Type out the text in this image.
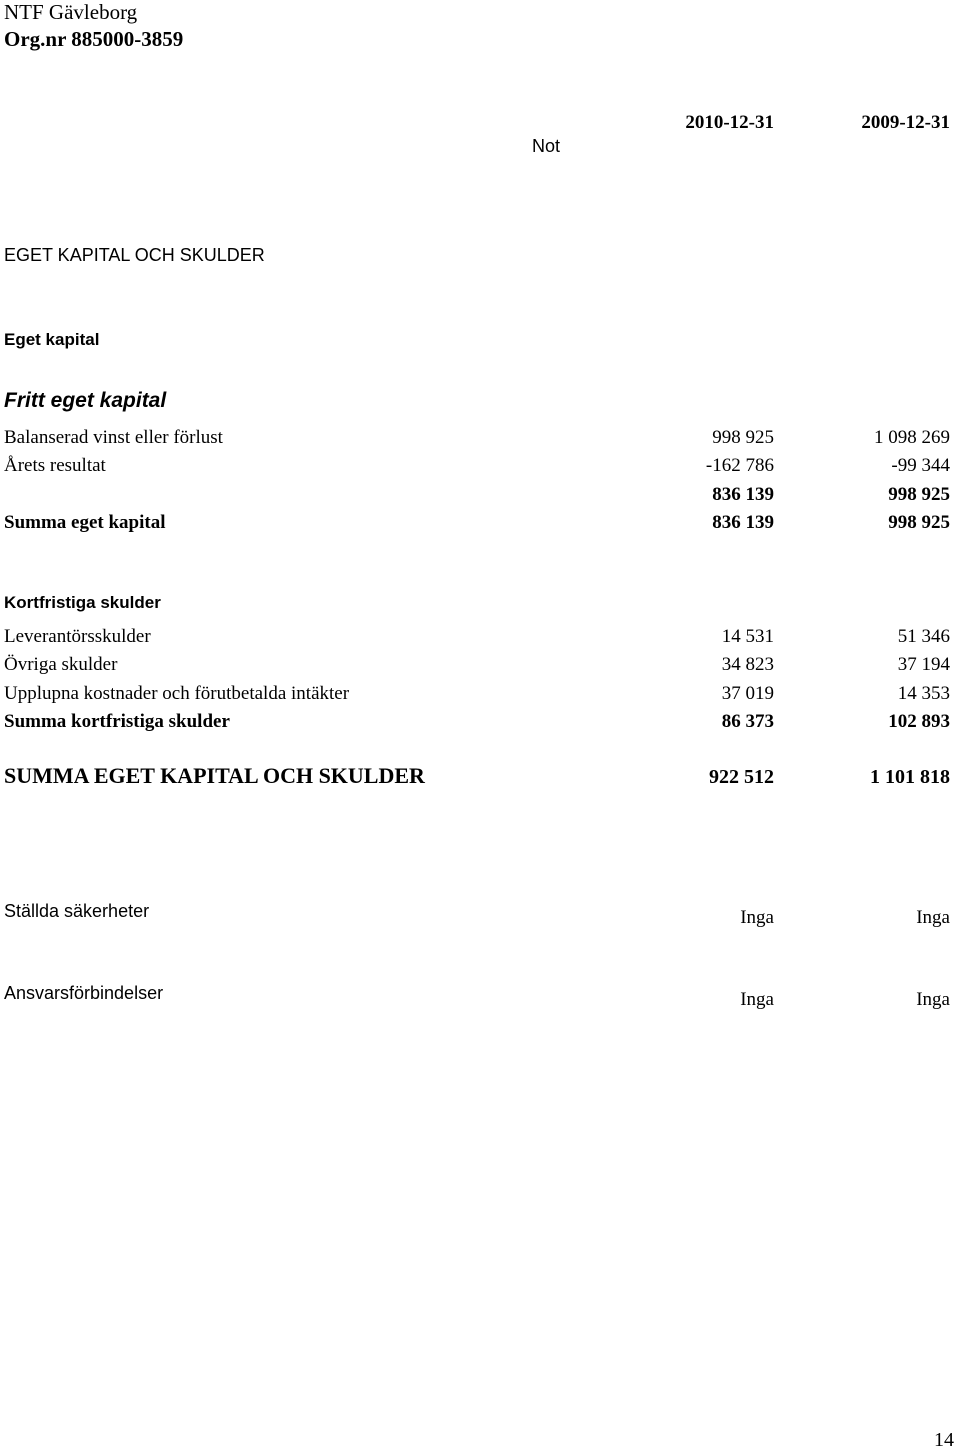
NTF Gävleborg
Org.nr 885000-3859
Not
2010-12-31	2009-12-31
EGET KAPITAL OCH SKULDER
Eget kapital
Fritt eget kapital
Balanserad vinst eller förlust	998 925	1 098 269
Årets resultat	-162 786	-99 344
836 139	998 925
Summa eget kapital	836 139	998 925
Kortfristiga skulder
Leverantörsskulder	14 531	51 346
Övriga skulder	34 823	37 194
Upplupna kostnader och förutbetalda intäkter	37 019	14 353
Summa kortfristiga skulder	86 373	102 893
SUMMA EGET KAPITAL OCH SKULDER	922 512	1 101 818
Ställda säkerheter	Inga	Inga
Ansvarsförbindelser	Inga	Inga
14
